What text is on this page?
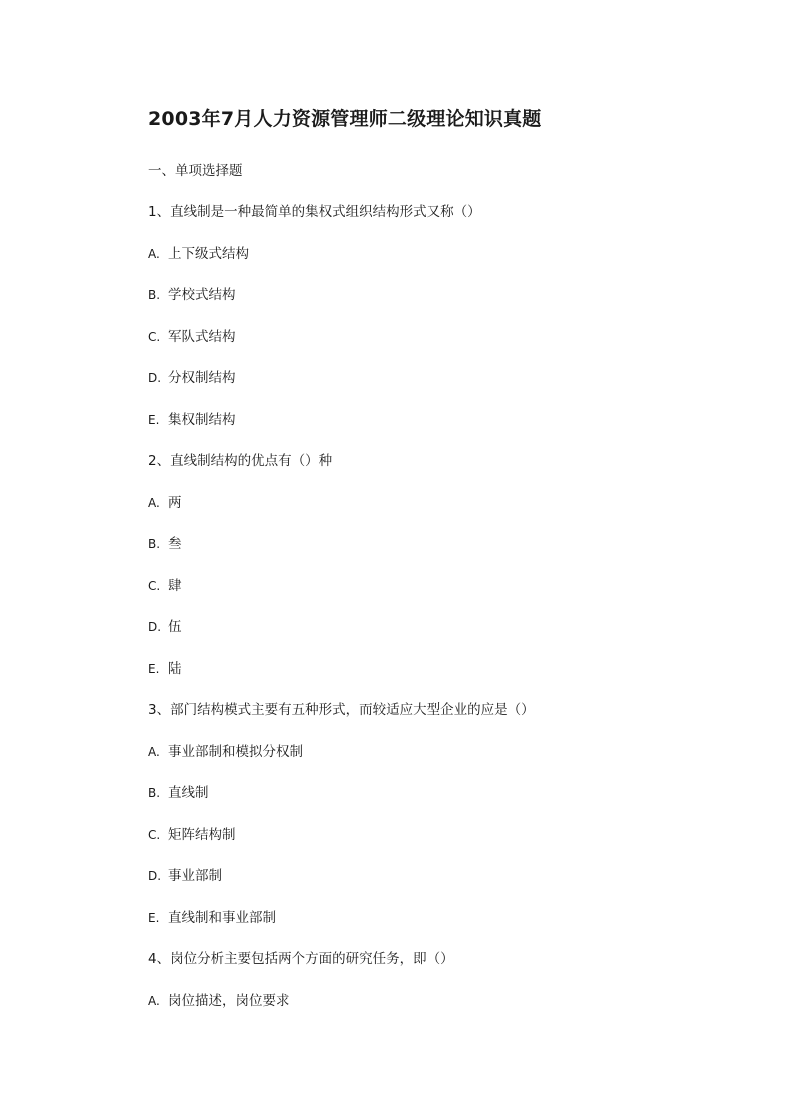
2003年7月人力资源管理师二级理论知识真题
一、单项选择题
1、直线制是一种最简单的集权式组织结构形式又称（）
A. 上下级式结构
B. 学校式结构
C. 军队式结构
D. 分权制结构
E. 集权制结构
2、直线制结构的优点有（）种
A. 两
B. 叁
C. 肆
D. 伍
E. 陆
3、部门结构模式主要有五种形式，而较适应大型企业的应是（）
A. 事业部制和模拟分权制
B. 直线制
C. 矩阵结构制
D. 事业部制
E. 直线制和事业部制
4、岗位分析主要包括两个方面的研究任务，即（）
A. 岗位描述，岗位要求
